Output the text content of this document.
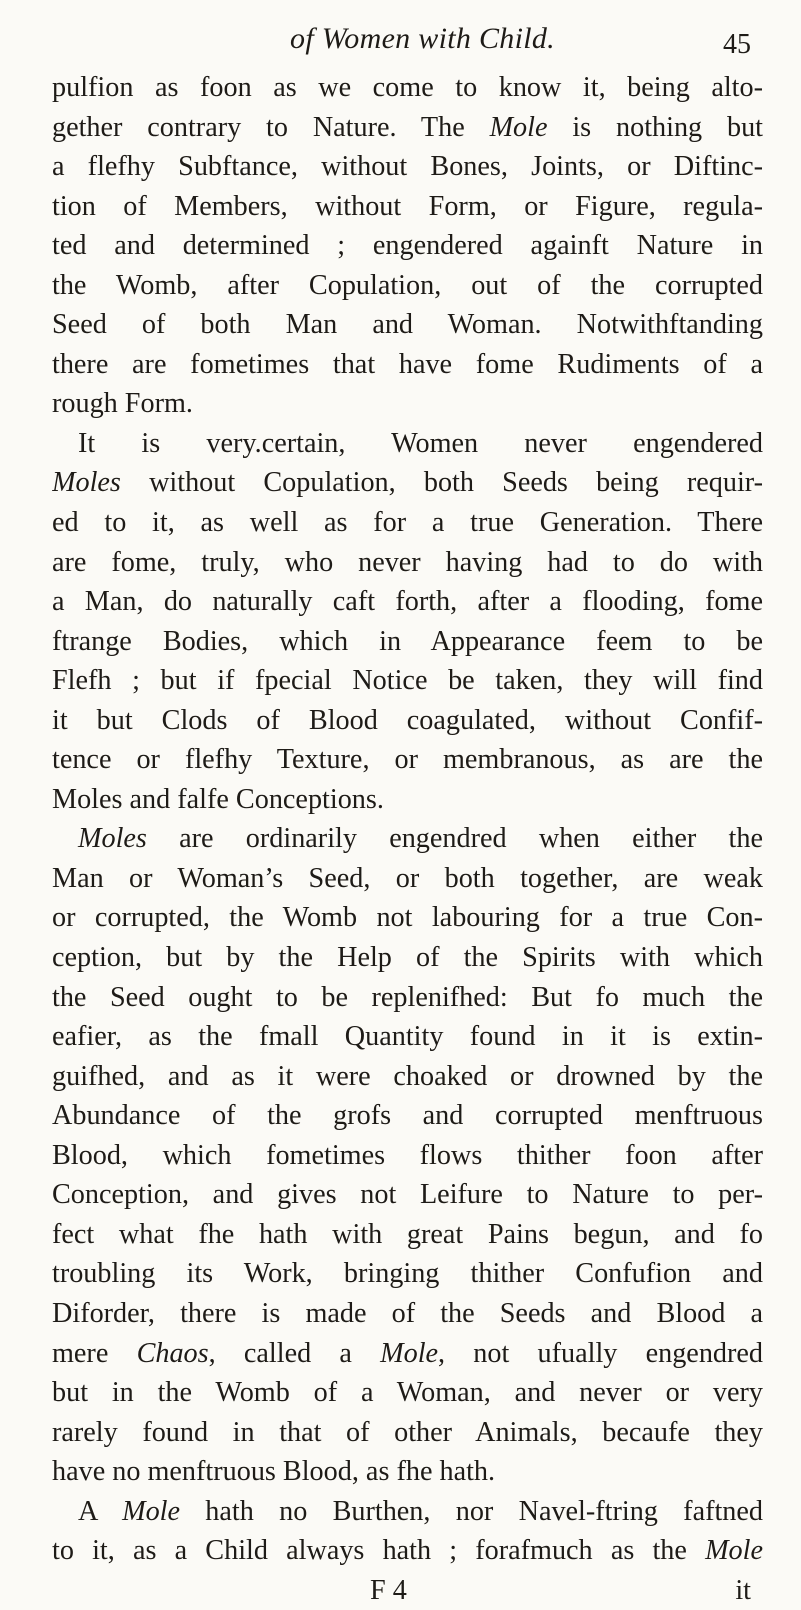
of Women with Child.	45
pulfion as foon as we come to know it, being alto-
gether contrary to Nature. The Mole is nothing but
a flefhy Subftance, without Bones, Joints, or Diftinc-
tion of Members, without Form, or Figure, regula-
ted and determined ; engendered againft Nature in
the Womb, after Copulation, out of the corrupted
Seed of both Man and Woman. Notwithftanding
there are fometimes that have fome Rudiments of a
rough Form.
It is very.certain, Women never engendered
Moles without Copulation, both Seeds being requir-
ed to it, as well as for a true Generation. There
are fome, truly, who never having had to do with
a Man, do naturally caft forth, after a flooding, fome
ftrange Bodies, which in Appearance feem to be
Flefh ; but if fpecial Notice be taken, they will find
it but Clods of Blood coagulated, without Confif-
tence or flefhy Texture, or membranous, as are the
Moles and falfe Conceptions.
Moles are ordinarily engendred when either the
Man or Woman’s Seed, or both together, are weak
or corrupted, the Womb not labouring for a true Con-
ception, but by the Help of the Spirits with which
the Seed ought to be replenifhed: But fo much the
eafier, as the fmall Quantity found in it is extin-
guifhed, and as it were choaked or drowned by the
Abundance of the grofs and corrupted menftruous
Blood, which fometimes flows thither foon after
Conception, and gives not Leifure to Nature to per-
fect what fhe hath with great Pains begun, and fo
troubling its Work, bringing thither Confufion and
Diforder, there is made of the Seeds and Blood a
mere Chaos, called a Mole, not ufually engendred
but in the Womb of a Woman, and never or very
rarely found in that of other Animals, becaufe they
have no menftruous Blood, as fhe hath.
A Mole hath no Burthen, nor Navel-ftring faftned
to it, as a Child always hath ; forafmuch as the Mole
F 4	it
